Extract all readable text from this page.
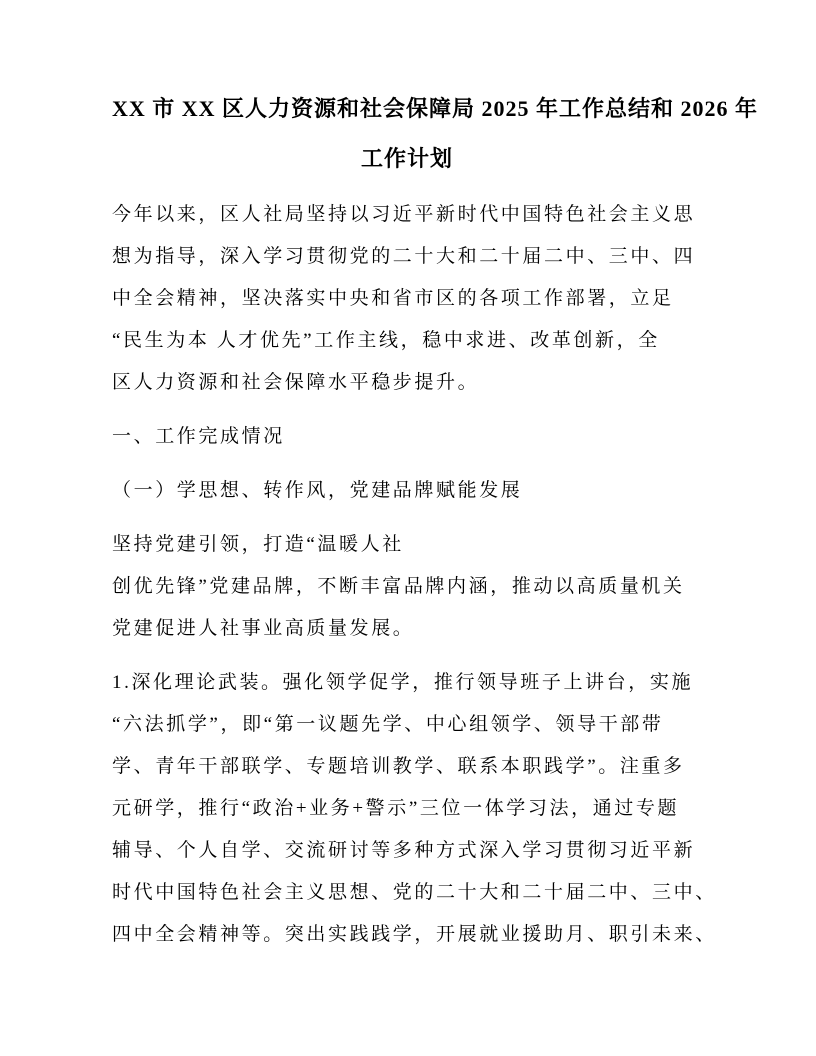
XX 市 XX 区人力资源和社会保障局 2025 年工作总结和 2026 年
工作计划
今年以来，区人社局坚持以习近平新时代中国特色社会主义思
想为指导，深入学习贯彻党的二十大和二十届二中、三中、四
中全会精神，坚决落实中央和省市区的各项工作部署，立足
“民生为本 人才优先”工作主线，稳中求进、改革创新，全
区人力资源和社会保障水平稳步提升。
一、工作完成情况
（一）学思想、转作风，党建品牌赋能发展
坚持党建引领，打造“温暖人社
创优先锋”党建品牌，不断丰富品牌内涵，推动以高质量机关
党建促进人社事业高质量发展。
1.深化理论武装。强化领学促学，推行领导班子上讲台，实施
“六法抓学”，即“第一议题先学、中心组领学、领导干部带
学、青年干部联学、专题培训教学、联系本职践学”。注重多
元研学，推行“政治+业务+警示”三位一体学习法，通过专题
辅导、个人自学、交流研讨等多种方式深入学习贯彻习近平新
时代中国特色社会主义思想、党的二十大和二十届二中、三中、
四中全会精神等。突出实践践学，开展就业援助月、职引未来、
